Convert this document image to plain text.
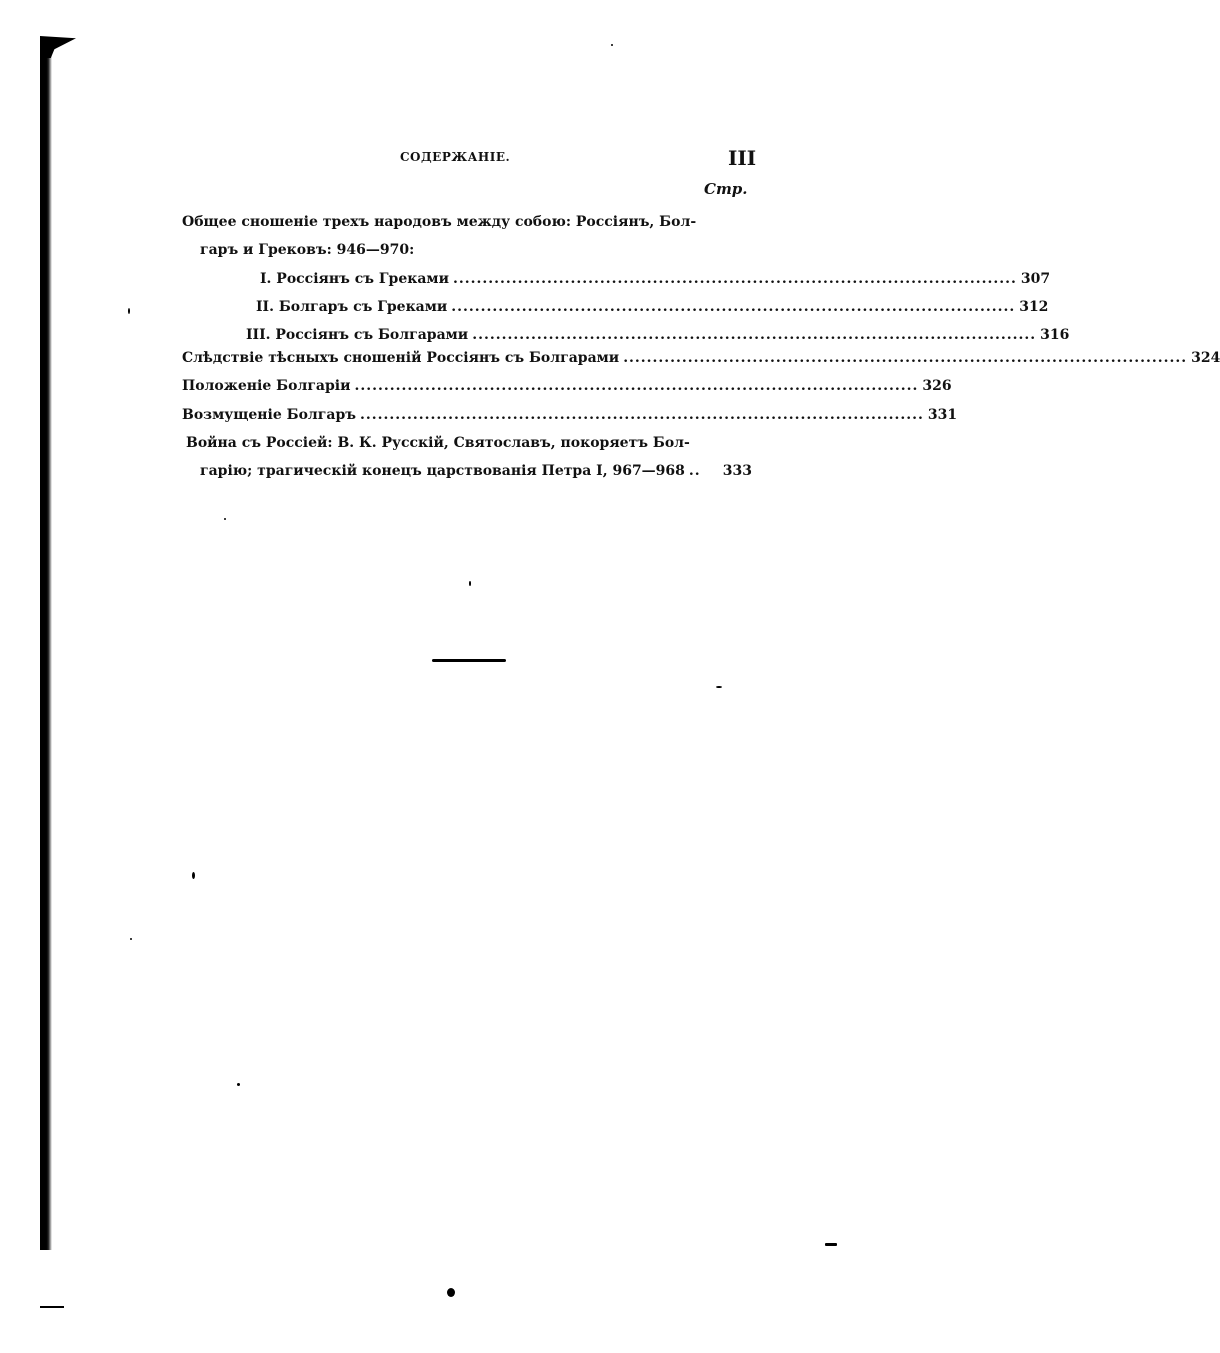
СОДЕРЖАНІЕ.	III
Стр.
Общее сношеніе трехъ народовъ между собою: Россіянъ, Бол-
гаръ и Грековъ: 946—970:
I. Россіянъ съ Греками ................................................................................................ 307
II. Болгаръ съ Греками ................................................................................................ 312
III. Россіянъ съ Болгарами ................................................................................................ 316
Слѣдствіе тѣсныхъ сношеній Россіянъ съ Болгарами ................................................................................................ 324
Положеніе Болгаріи ................................................................................................ 326
Возмущеніе Болгаръ ................................................................................................ 331
Война съ Россіей: В. К. Русскій, Святославъ, покоряетъ Бол-
гарію; трагическій конецъ царствованія Петра I, 967—968 .. 333
